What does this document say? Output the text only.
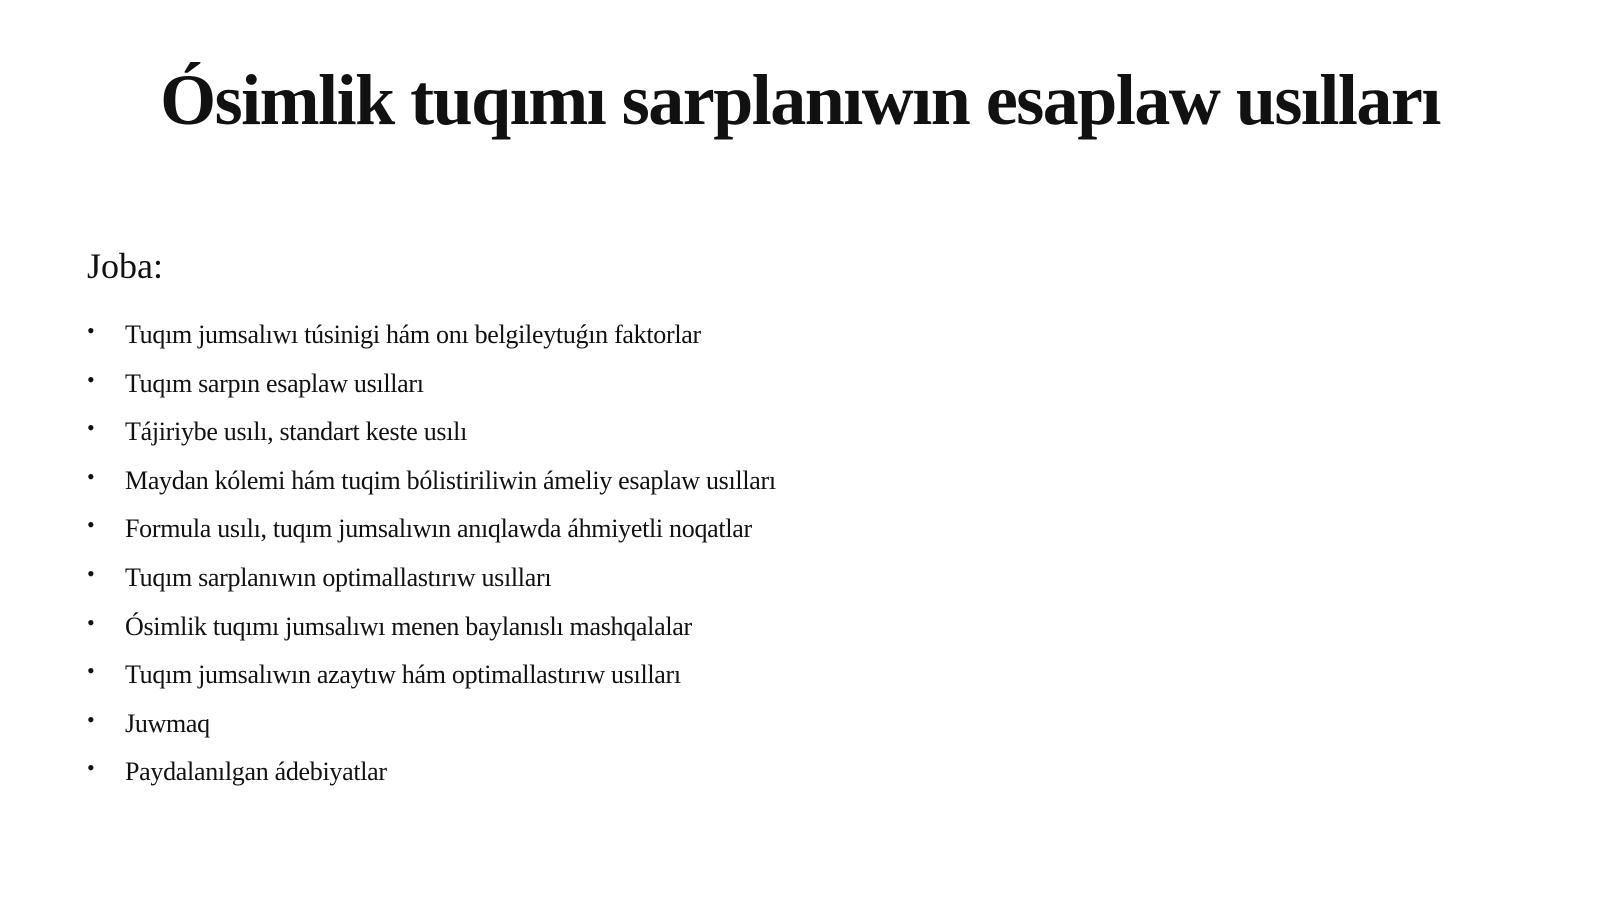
Ósimlik tuqımı sarplanıwın esaplaw usılları

Joba:

• Tuqım jumsalıwı túsinigi hám onı belgileytuǵın faktorlar
• Tuqım sarpın esaplaw usılları
• Tájiriybe usılı, standart keste usılı
• Maydan kólemi hám tuqim bólistiriliwin ámeliy esaplaw usılları
• Formula usılı, tuqım jumsalıwın anıqlawda áhmiyetli noqatlar
• Tuqım sarplanıwın optimallastırıw usılları
• Ósimlik tuqımı jumsalıwı menen baylanıslı mashqalalar
• Tuqım jumsalıwın azaytıw hám optimallastırıw usılları
• Juwmaq
• Paydalanılgan ádebiyatlar
